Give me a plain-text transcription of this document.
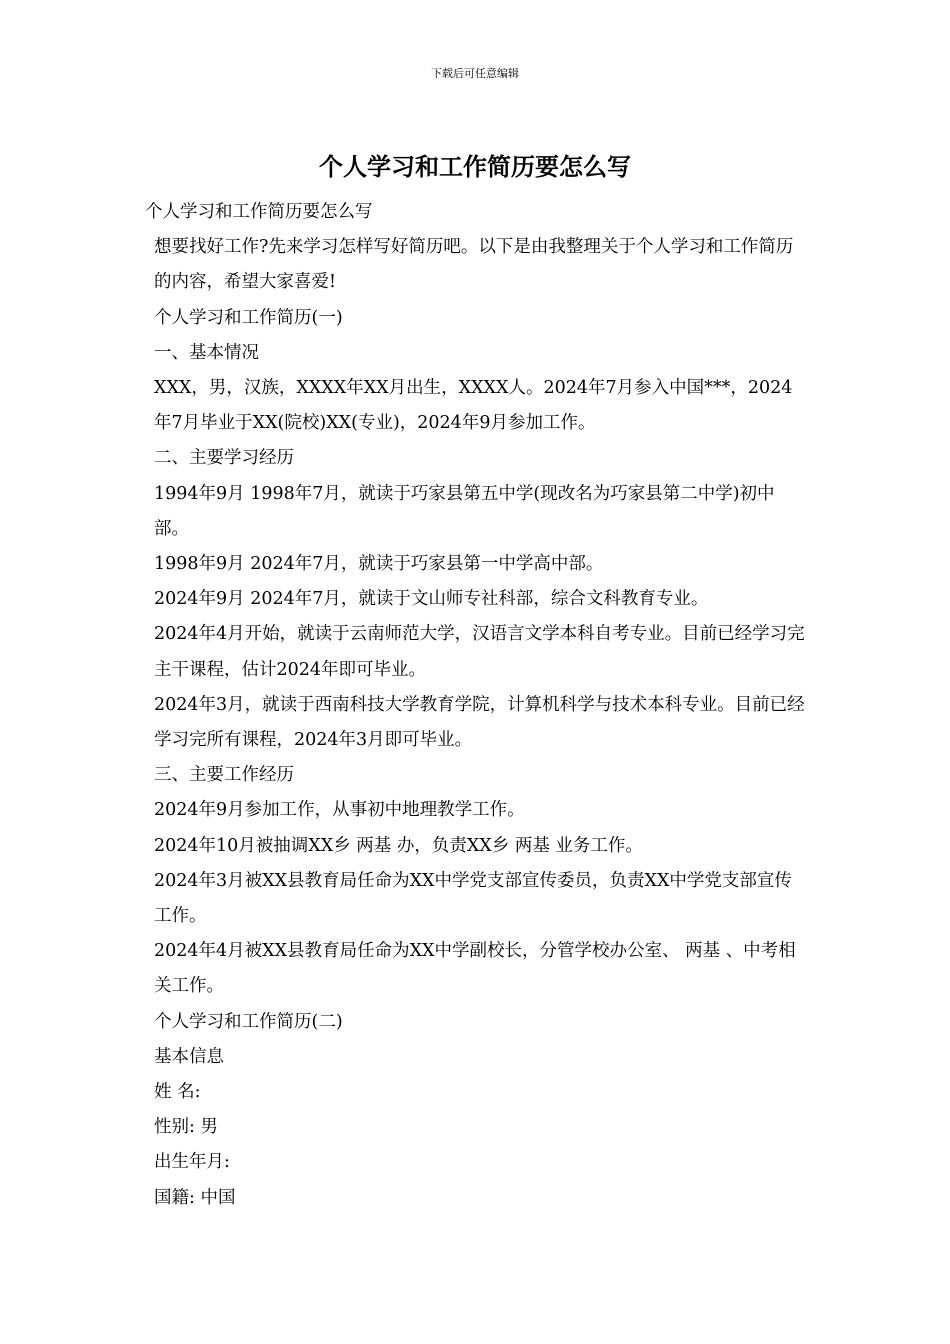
下载后可任意编辑
个人学习和工作简历要怎么写

个人学习和工作简历要怎么写

想要找好工作?先来学习怎样写好简历吧。以下是由我整理关于个人学习和工作简历的内容，希望大家喜爱!

个人学习和工作简历(一)

一、基本情况

XXX，男，汉族，XXXX年XX月出生，XXXX人。2024年7月参入中国***，2024年7月毕业于XX(院校)XX(专业)，2024年9月参加工作。

二、主要学习经历

1994年9月 1998年7月，就读于巧家县第五中学(现改名为巧家县第二中学)初中部。

1998年9月 2024年7月，就读于巧家县第一中学高中部。

2024年9月 2024年7月，就读于文山师专社科部，综合文科教育专业。

2024年4月开始，就读于云南师范大学，汉语言文学本科自考专业。目前已经学习完主干课程，估计2024年即可毕业。

2024年3月，就读于西南科技大学教育学院，计算机科学与技术本科专业。目前已经学习完所有课程，2024年3月即可毕业。

三、主要工作经历

2024年9月参加工作，从事初中地理教学工作。

2024年10月被抽调XX乡 两基 办，负责XX乡 两基 业务工作。

2024年3月被XX县教育局任命为XX中学党支部宣传委员，负责XX中学党支部宣传工作。

2024年4月被XX县教育局任命为XX中学副校长，分管学校办公室、 两基 、中考相关工作。

个人学习和工作简历(二)

基本信息

姓 名:

性别: 男

出生年月:

国籍: 中国
